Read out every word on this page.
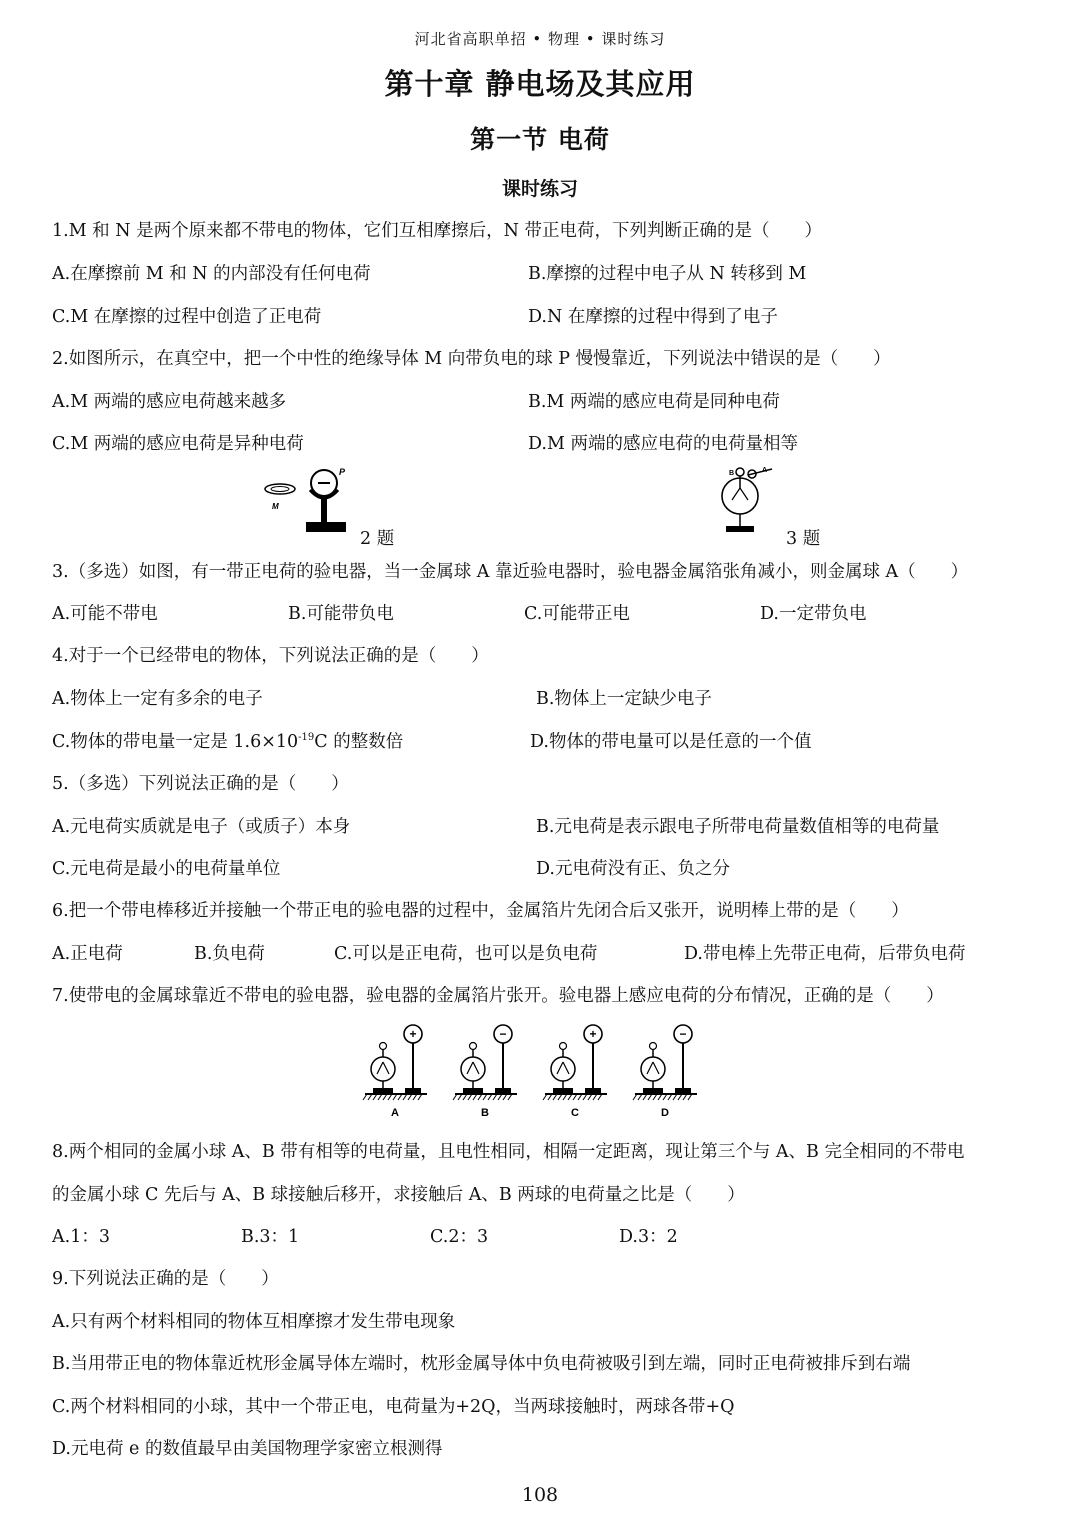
河北省高职单招 • 物理 • 课时练习
第十章 静电场及其应用
第一节 电荷
课时练习
1.M 和 N 是两个原来都不带电的物体，它们互相摩擦后，N 带正电荷，下列判断正确的是（　　）
A.在摩擦前 M 和 N 的内部没有任何电荷	B.摩擦的过程中电子从 N 转移到 M
C.M 在摩擦的过程中创造了正电荷	D.N 在摩擦的过程中得到了电子
2.如图所示，在真空中，把一个中性的绝缘导体 M 向带负电的球 P 慢慢靠近，下列说法中错误的是（　　）
A.M 两端的感应电荷越来越多	B.M 两端的感应电荷是同种电荷
C.M 两端的感应电荷是异种电荷	D.M 两端的感应电荷的电荷量相等
M
P
2 题
B	A
3 题
3.（多选）如图，有一带正电荷的验电器，当一金属球 A 靠近验电器时，验电器金属箔张角减小，则金属球 A（　　）
A.可能不带电	B.可能带负电	C.可能带正电	D.一定带负电
4.对于一个已经带电的物体，下列说法正确的是（　　）
A.物体上一定有多余的电子	B.物体上一定缺少电子
C.物体的带电量一定是 $1.6\times 10^{-19}C$ 的整数倍	D.物体的带电量可以是任意的一个值
5.（多选）下列说法正确的是（　　）
A.元电荷实质就是电子（或质子）本身	B.元电荷是表示跟电子所带电荷量数值相等的电荷量
C.元电荷是最小的电荷量单位	D.元电荷没有正、负之分
6.把一个带电棒移近并接触一个带正电的验电器的过程中，金属箔片先闭合后又张开，说明棒上带的是（　　）
A.正电荷	B.负电荷	C.可以是正电荷，也可以是负电荷	D.带电棒上先带正电荷，后带负电荷
7.使带电的金属球靠近不带电的验电器，验电器的金属箔片张开。验电器上感应电荷的分布情况，正确的是（　　）
+
A
−
B
+
C
−
D
8.两个相同的金属小球 A、B 带有相等的电荷量，且电性相同，相隔一定距离，现让第三个与 A、B 完全相同的不带电
的金属小球 C 先后与 A、B 球接触后移开，求接触后 A、B 两球的电荷量之比是（　　）
A.1：3	B.3：1	C.2：3	D.3：2
9.下列说法正确的是（　　）
A.只有两个材料相同的物体互相摩擦才发生带电现象
B.当用带正电的物体靠近枕形金属导体左端时，枕形金属导体中负电荷被吸引到左端，同时正电荷被排斥到右端
C.两个材料相同的小球，其中一个带正电，电荷量为+2Q，当两球接触时，两球各带+Q
D.元电荷 e 的数值最早由美国物理学家密立根测得
108
